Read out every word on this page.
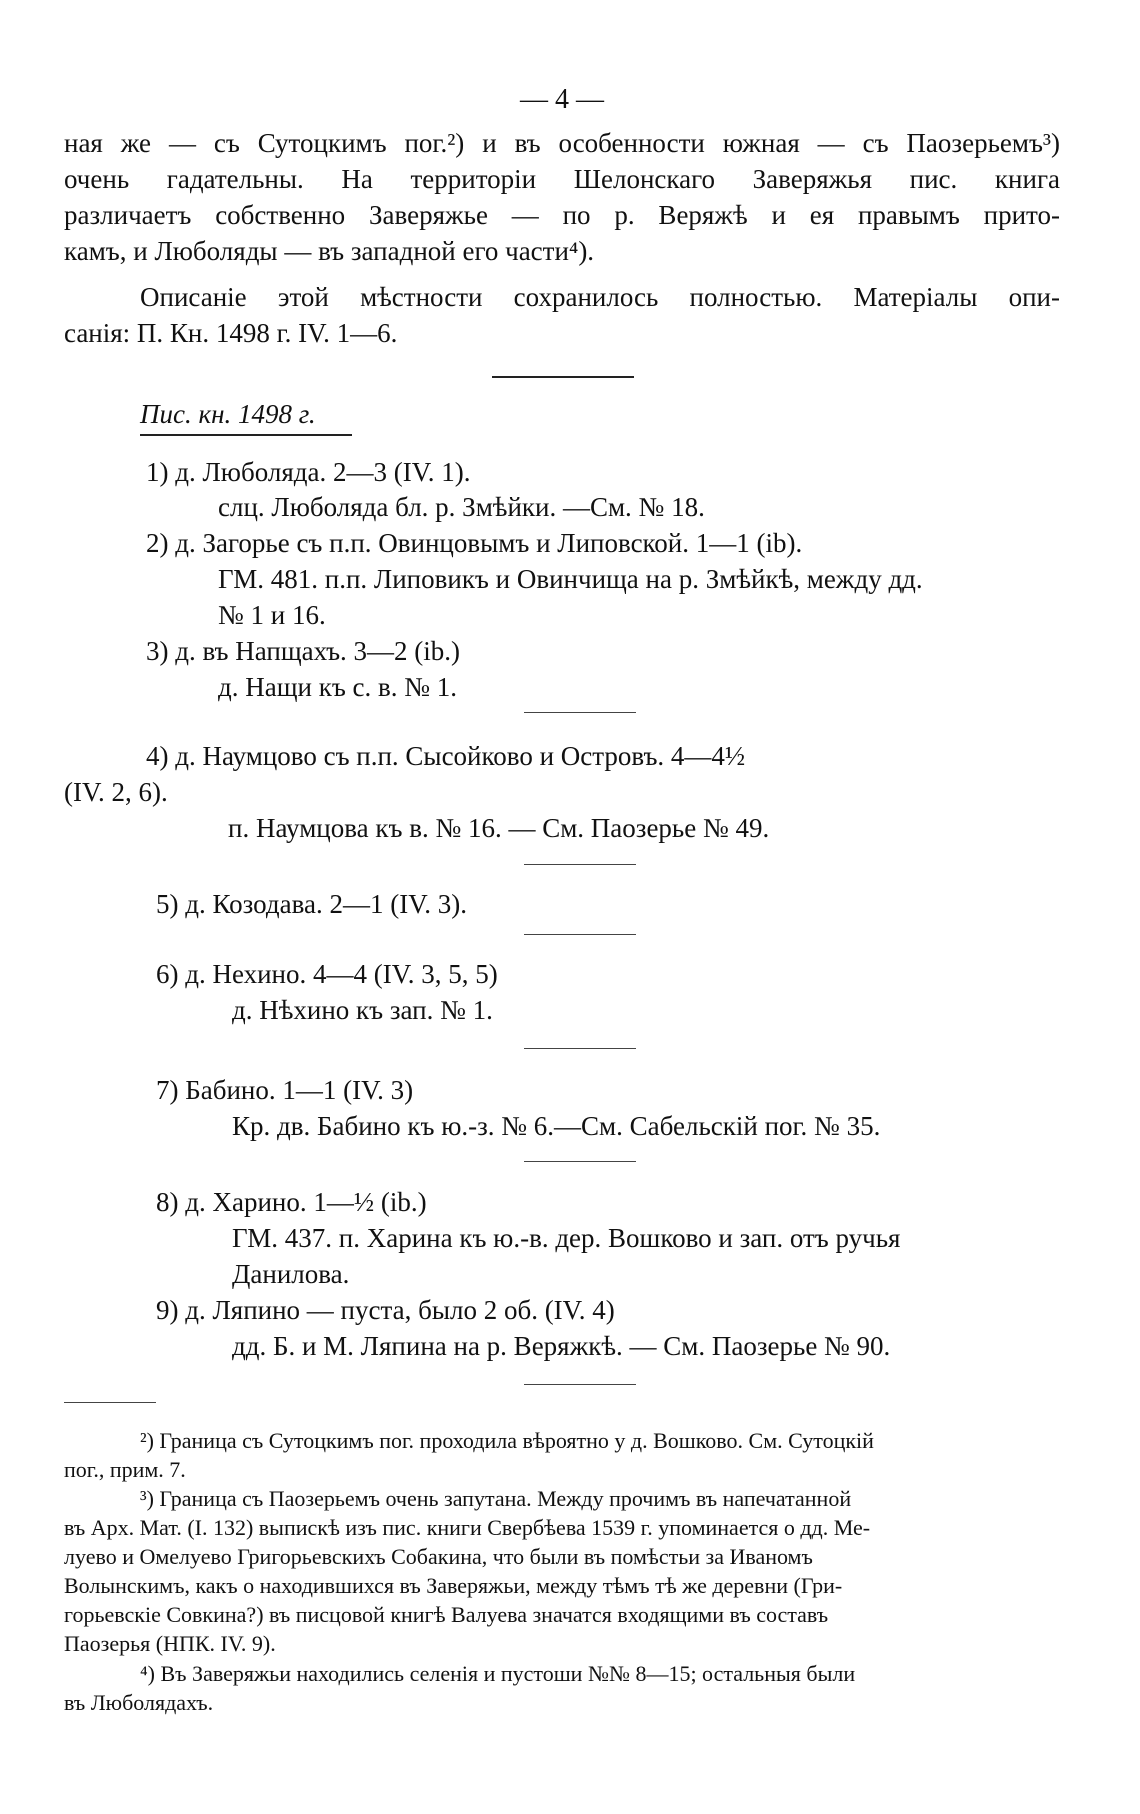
— 4 —
ная же — съ Сутоцкимъ пог.²) и въ особенности южная — съ Паозерьемъ³)
очень гадательны. На территоріи Шелонскаго Заверяжья пис. книга
различаетъ собственно Заверяжье — по р. Веряжѣ и ея правымъ прито-
камъ, и Люболяды — въ западной его части⁴).
Описаніе этой мѣстности сохранилось полностью. Матеріалы опи-
санія: П. Кн. 1498 г. IV. 1—6.
Пис. кн. 1498 г.
1) д. Люболяда. 2—3 (IV. 1).
слц. Люболяда бл. р. Змѣйки. —См. № 18.
2) д. Загорье съ п.п. Овинцовымъ и Липовской. 1—1 (ib).
ГМ. 481. п.п. Липовикъ и Овинчища на р. Змѣйкѣ, между дд.
№ 1 и 16.
3) д. въ Напщахъ. 3—2 (ib.)
д. Нащи къ с. в. № 1.
4) д. Наумцово съ п.п. Сысойково и Островъ. 4—4½
(IV. 2, 6).
п. Наумцова къ в. № 16. — См. Паозерье № 49.
5) д. Козодава. 2—1 (IV. 3).
6) д. Нехино. 4—4 (IV. 3, 5, 5)
д. Нѣхино къ зап. № 1.
7) Бабино. 1—1 (IV. 3)
Кр. дв. Бабино къ ю.-з. № 6.—См. Сабельскій пог. № 35.
8) д. Харино. 1—½ (ib.)
ГМ. 437. п. Харина къ ю.-в. дер. Вошково и зап. отъ ручья
Данилова.
9) д. Ляпино — пуста, было 2 об. (IV. 4)
дд. Б. и М. Ляпина на р. Веряжкѣ. — См. Паозерье № 90.
²) Граница съ Сутоцкимъ пог. проходила вѣроятно у д. Вошково. См. Сутоцкій
пог., прим. 7.
³) Граница съ Паозерьемъ очень запутана. Между прочимъ въ напечатанной
въ Арх. Мат. (I. 132) выпискѣ изъ пис. книги Свербѣева 1539 г. упоминается о дд. Ме-
луево и Омелуево Григорьевскихъ Собакина, что были въ помѣстьи за Иваномъ
Волынскимъ, какъ о находившихся въ Заверяжьи, между тѣмъ тѣ же деревни (Гри-
горьевскіе Совкина?) въ писцовой книгѣ Валуева значатся входящими въ составъ
Паозерья (НПК. IV. 9).
⁴) Въ Заверяжьи находились селенія и пустоши №№ 8—15; остальныя были
въ Люболядахъ.
